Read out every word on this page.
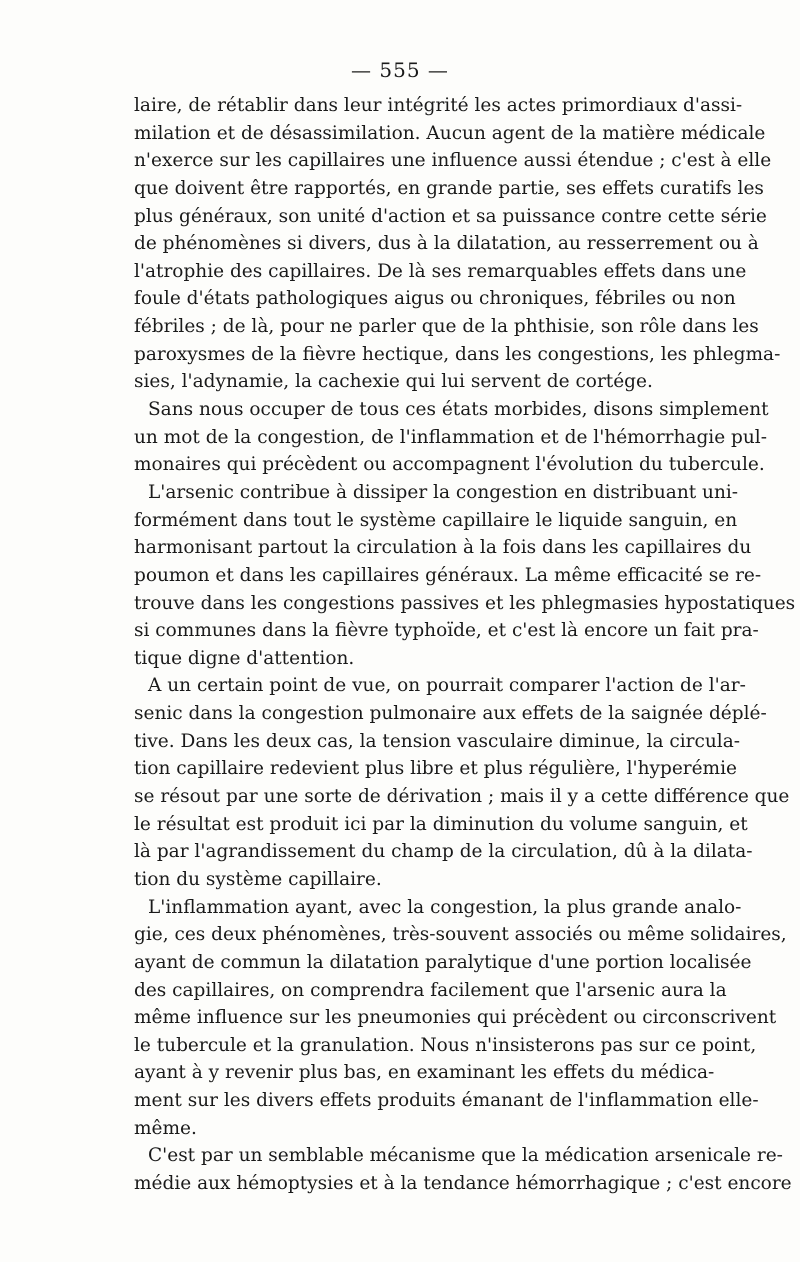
— 555 —
laire, de rétablir dans leur intégrité les actes primordiaux d'assi-
milation et de désassimilation. Aucun agent de la matière médicale
n'exerce sur les capillaires une influence aussi étendue ; c'est à elle
que doivent être rapportés, en grande partie, ses effets curatifs les
plus généraux, son unité d'action et sa puissance contre cette série
de phénomènes si divers, dus à la dilatation, au resserrement ou à
l'atrophie des capillaires. De là ses remarquables effets dans une
foule d'états pathologiques aigus ou chroniques, fébriles ou non
fébriles ; de là, pour ne parler que de la phthisie, son rôle dans les
paroxysmes de la fièvre hectique, dans les congestions, les phlegma-
sies, l'adynamie, la cachexie qui lui servent de cortége.
Sans nous occuper de tous ces états morbides, disons simplement
un mot de la congestion, de l'inflammation et de l'hémorrhagie pul-
monaires qui précèdent ou accompagnent l'évolution du tubercule.
L'arsenic contribue à dissiper la congestion en distribuant uni-
formément dans tout le système capillaire le liquide sanguin, en
harmonisant partout la circulation à la fois dans les capillaires du
poumon et dans les capillaires généraux. La même efficacité se re-
trouve dans les congestions passives et les phlegmasies hypostatiques
si communes dans la fièvre typhoïde, et c'est là encore un fait pra-
tique digne d'attention.
A un certain point de vue, on pourrait comparer l'action de l'ar-
senic dans la congestion pulmonaire aux effets de la saignée déplé-
tive. Dans les deux cas, la tension vasculaire diminue, la circula-
tion capillaire redevient plus libre et plus régulière, l'hyperémie
se résout par une sorte de dérivation ; mais il y a cette différence que
le résultat est produit ici par la diminution du volume sanguin, et
là par l'agrandissement du champ de la circulation, dû à la dilata-
tion du système capillaire.
L'inflammation ayant, avec la congestion, la plus grande analo-
gie, ces deux phénomènes, très-souvent associés ou même solidaires,
ayant de commun la dilatation paralytique d'une portion localisée
des capillaires, on comprendra facilement que l'arsenic aura la
même influence sur les pneumonies qui précèdent ou circonscrivent
le tubercule et la granulation. Nous n'insisterons pas sur ce point,
ayant à y revenir plus bas, en examinant les effets du médica-
ment sur les divers effets produits émanant de l'inflammation elle-
même.
C'est par un semblable mécanisme que la médication arsenicale re-
médie aux hémoptysies et à la tendance hémorrhagique ; c'est encore
